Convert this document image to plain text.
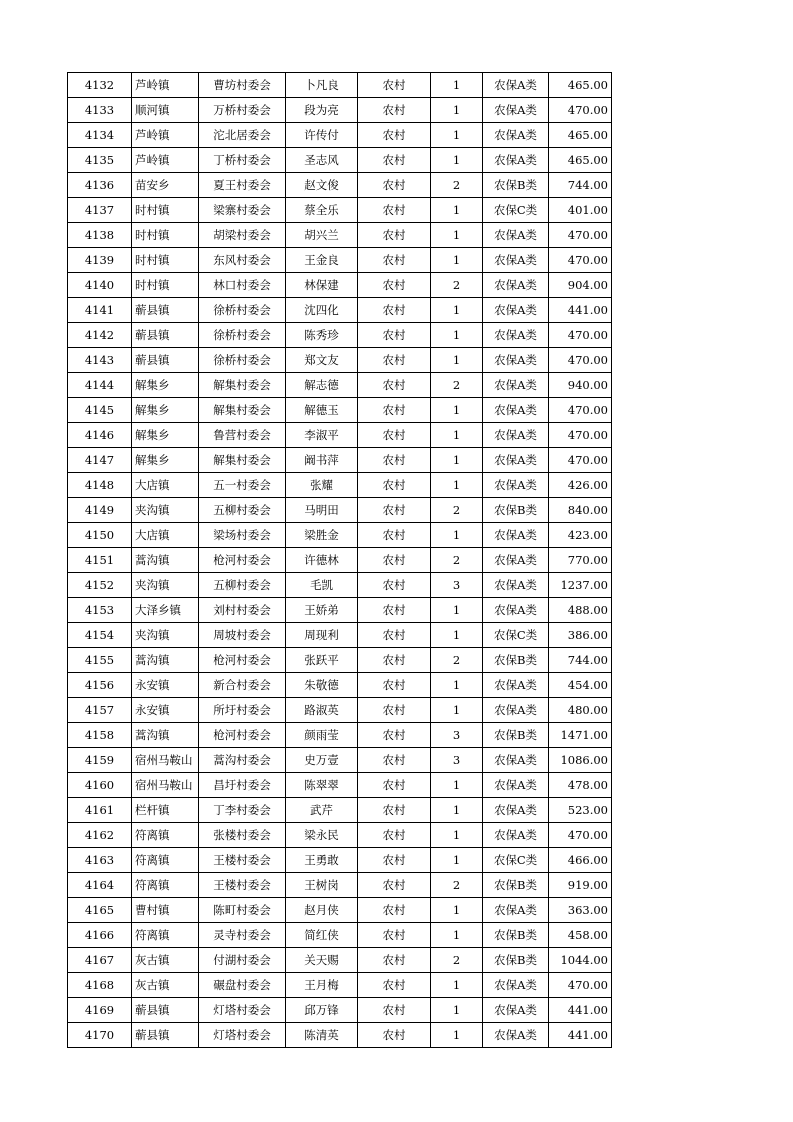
4132	芦岭镇	曹坊村委会	卜凡良	农村	1	农保A类	465.00
4133	顺河镇	万桥村委会	段为亮	农村	1	农保A类	470.00
4134	芦岭镇	沱北居委会	许传付	农村	1	农保A类	465.00
4135	芦岭镇	丁桥村委会	圣志风	农村	1	农保A类	465.00
4136	苗安乡	夏王村委会	赵文俊	农村	2	农保B类	744.00
4137	时村镇	梁寨村委会	蔡全乐	农村	1	农保C类	401.00
4138	时村镇	胡梁村委会	胡兴兰	农村	1	农保A类	470.00
4139	时村镇	东风村委会	王金良	农村	1	农保A类	470.00
4140	时村镇	林口村委会	林保建	农村	2	农保A类	904.00
4141	蕲县镇	徐桥村委会	沈四化	农村	1	农保A类	441.00
4142	蕲县镇	徐桥村委会	陈秀珍	农村	1	农保A类	470.00
4143	蕲县镇	徐桥村委会	郑文友	农村	1	农保A类	470.00
4144	解集乡	解集村委会	解志德	农村	2	农保A类	940.00
4145	解集乡	解集村委会	解德玉	农村	1	农保A类	470.00
4146	解集乡	鲁营村委会	李淑平	农村	1	农保A类	470.00
4147	解集乡	解集村委会	阚书萍	农村	1	农保A类	470.00
4148	大店镇	五一村委会	张耀	农村	1	农保A类	426.00
4149	夹沟镇	五柳村委会	马明田	农村	2	农保B类	840.00
4150	大店镇	梁场村委会	梁胜金	农村	1	农保A类	423.00
4151	蒿沟镇	枪河村委会	许德林	农村	2	农保A类	770.00
4152	夹沟镇	五柳村委会	毛凯	农村	3	农保A类	1237.00
4153	大泽乡镇	刘村村委会	王娇弟	农村	1	农保A类	488.00
4154	夹沟镇	周坡村委会	周现利	农村	1	农保C类	386.00
4155	蒿沟镇	枪河村委会	张跃平	农村	2	农保B类	744.00
4156	永安镇	新合村委会	朱敬德	农村	1	农保A类	454.00
4157	永安镇	所圩村委会	路淑英	农村	1	农保A类	480.00
4158	蒿沟镇	枪河村委会	颜雨莹	农村	3	农保B类	1471.00
4159	宿州马鞍山	蒿沟村委会	史万壹	农村	3	农保A类	1086.00
4160	宿州马鞍山	昌圩村委会	陈翠翠	农村	1	农保A类	478.00
4161	栏杆镇	丁李村委会	武芹	农村	1	农保A类	523.00
4162	符离镇	张楼村委会	梁永民	农村	1	农保A类	470.00
4163	符离镇	王楼村委会	王勇敢	农村	1	农保C类	466.00
4164	符离镇	王楼村委会	王树岗	农村	2	农保B类	919.00
4165	曹村镇	陈町村委会	赵月侠	农村	1	农保A类	363.00
4166	符离镇	灵寺村委会	简红侠	农村	1	农保B类	458.00
4167	灰古镇	付湖村委会	关天赐	农村	2	农保B类	1044.00
4168	灰古镇	碾盘村委会	王月梅	农村	1	农保A类	470.00
4169	蕲县镇	灯塔村委会	邱万锋	农村	1	农保A类	441.00
4170	蕲县镇	灯塔村委会	陈清英	农村	1	农保A类	441.00
